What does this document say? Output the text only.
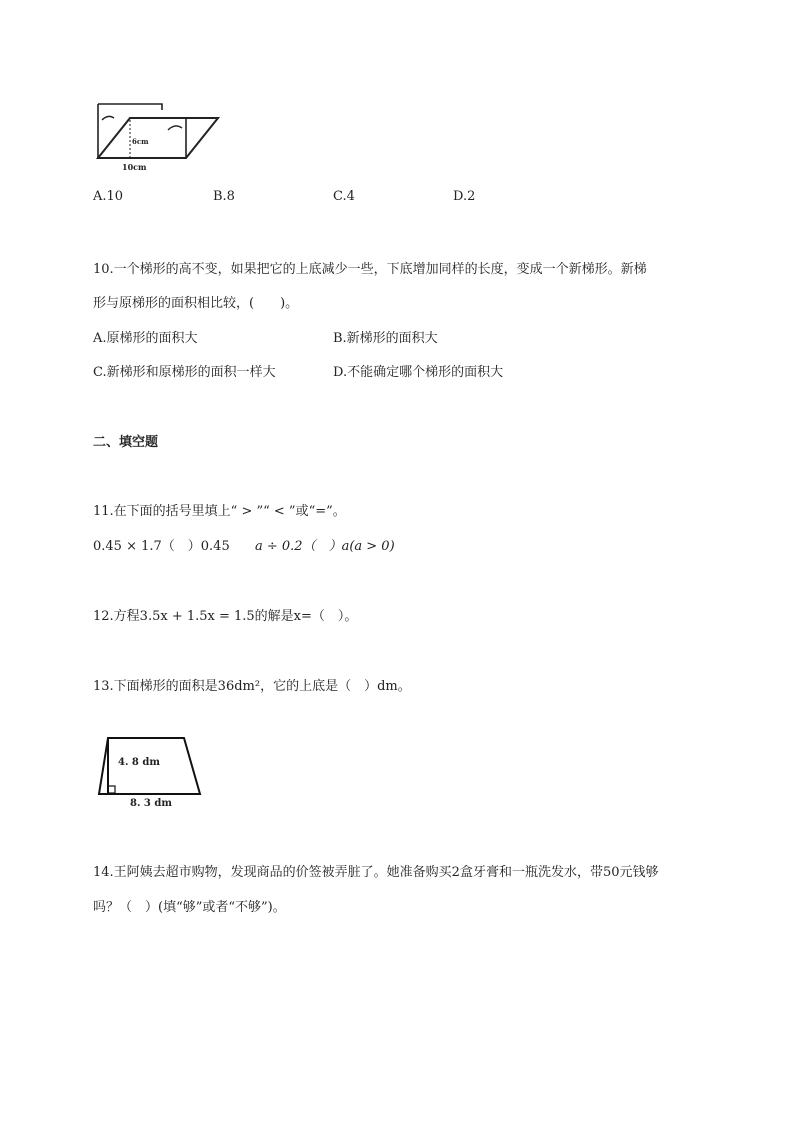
6cm
10cm
A.10	B.8	C.4	D.2
10.一个梯形的高不变，如果把它的上底减少一些，下底增加同样的长度，变成一个新梯形。新梯
形与原梯形的面积相比较，(　　)。
A.原梯形的面积大	B.新梯形的面积大
C.新梯形和原梯形的面积一样大	D.不能确定哪个梯形的面积大
二、填空题
11.在下面的括号里填上“ > ”“ < ”或“=”。
0.45 × 1.7（　）0.45 a ÷ 0.2（　）a(a > 0)
12.方程3.5x + 1.5x = 1.5的解是x=（　）。
13.下面梯形的面积是36dm²，它的上底是（　）dm。
4. 8 dm
8. 3 dm
14.王阿姨去超市购物，发现商品的价签被弄脏了。她准备购买2盒牙膏和一瓶洗发水，带50元钱够
吗？（　）(填“够”或者“不够”)。
